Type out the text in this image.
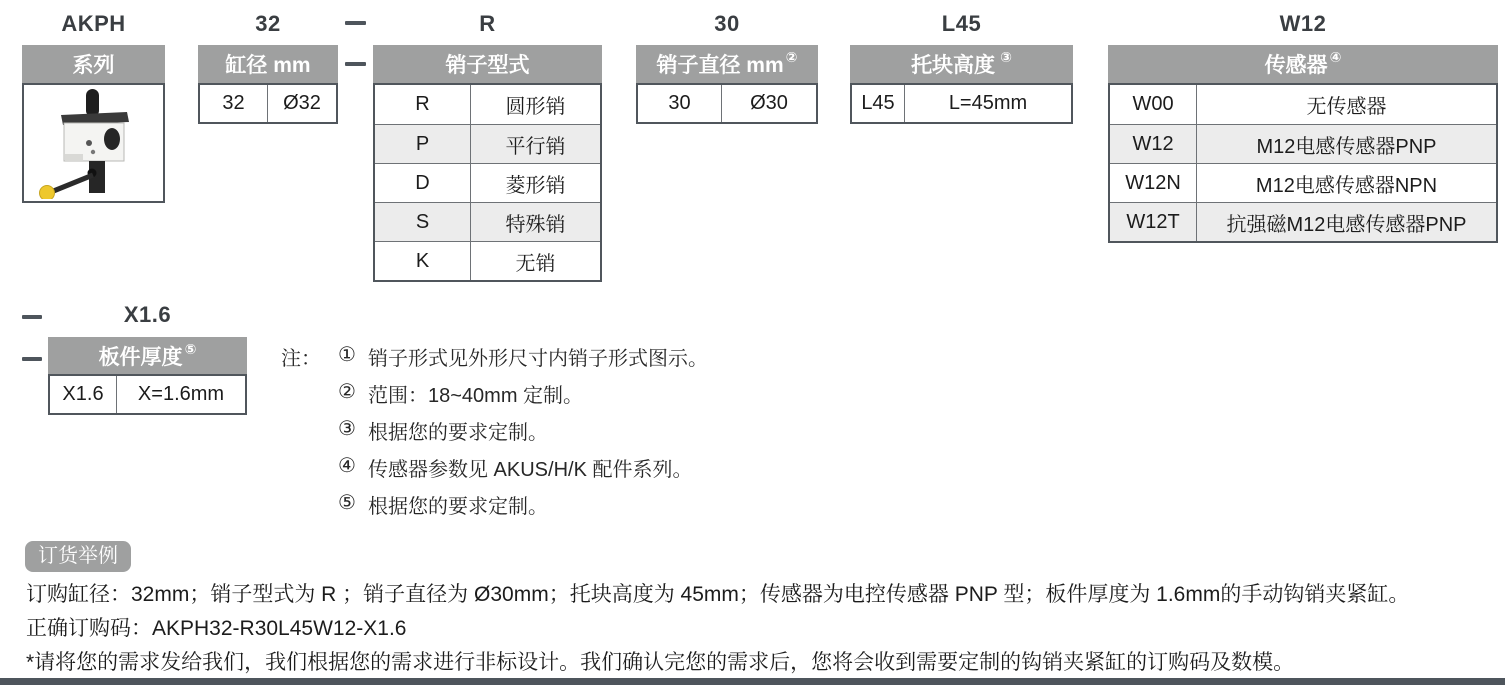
AKPH	32	R	30	L45	W12
系列	缸径 mm
32	Ø32
销子型式
R	圆形销
P	平行销
D	菱形销
S	特殊销
K	无销
销子直径 mm②
30	Ø30
托块高度 ③
L45	L=45mm
传感器④
W00	无传感器
W12	M12电感传感器PNP
W12N	M12电感传感器NPN
W12T	抗强磁M12电感传感器PNP
X1.6
板件厚度⑤
X1.6	X=1.6mm
注： ① 销子形式见外形尺寸内销子形式图示。
② 范围：18~40mm 定制。
③ 根据您的要求定制。
④ 传感器参数见 AKUS/H/K 配件系列。
⑤ 根据您的要求定制。
订货举例
订购缸径：32mm；销子型式为 R ；销子直径为 Ø30mm；托块高度为 45mm；传感器为电控传感器 PNP 型；板件厚度为 1.6mm的手动钩销夹紧缸。
正确订购码：AKPH32-R30L45W12-X1.6
*请将您的需求发给我们，我们根据您的需求进行非标设计。我们确认完您的需求后，您将会收到需要定制的钩销夹紧缸的订购码及数模。
